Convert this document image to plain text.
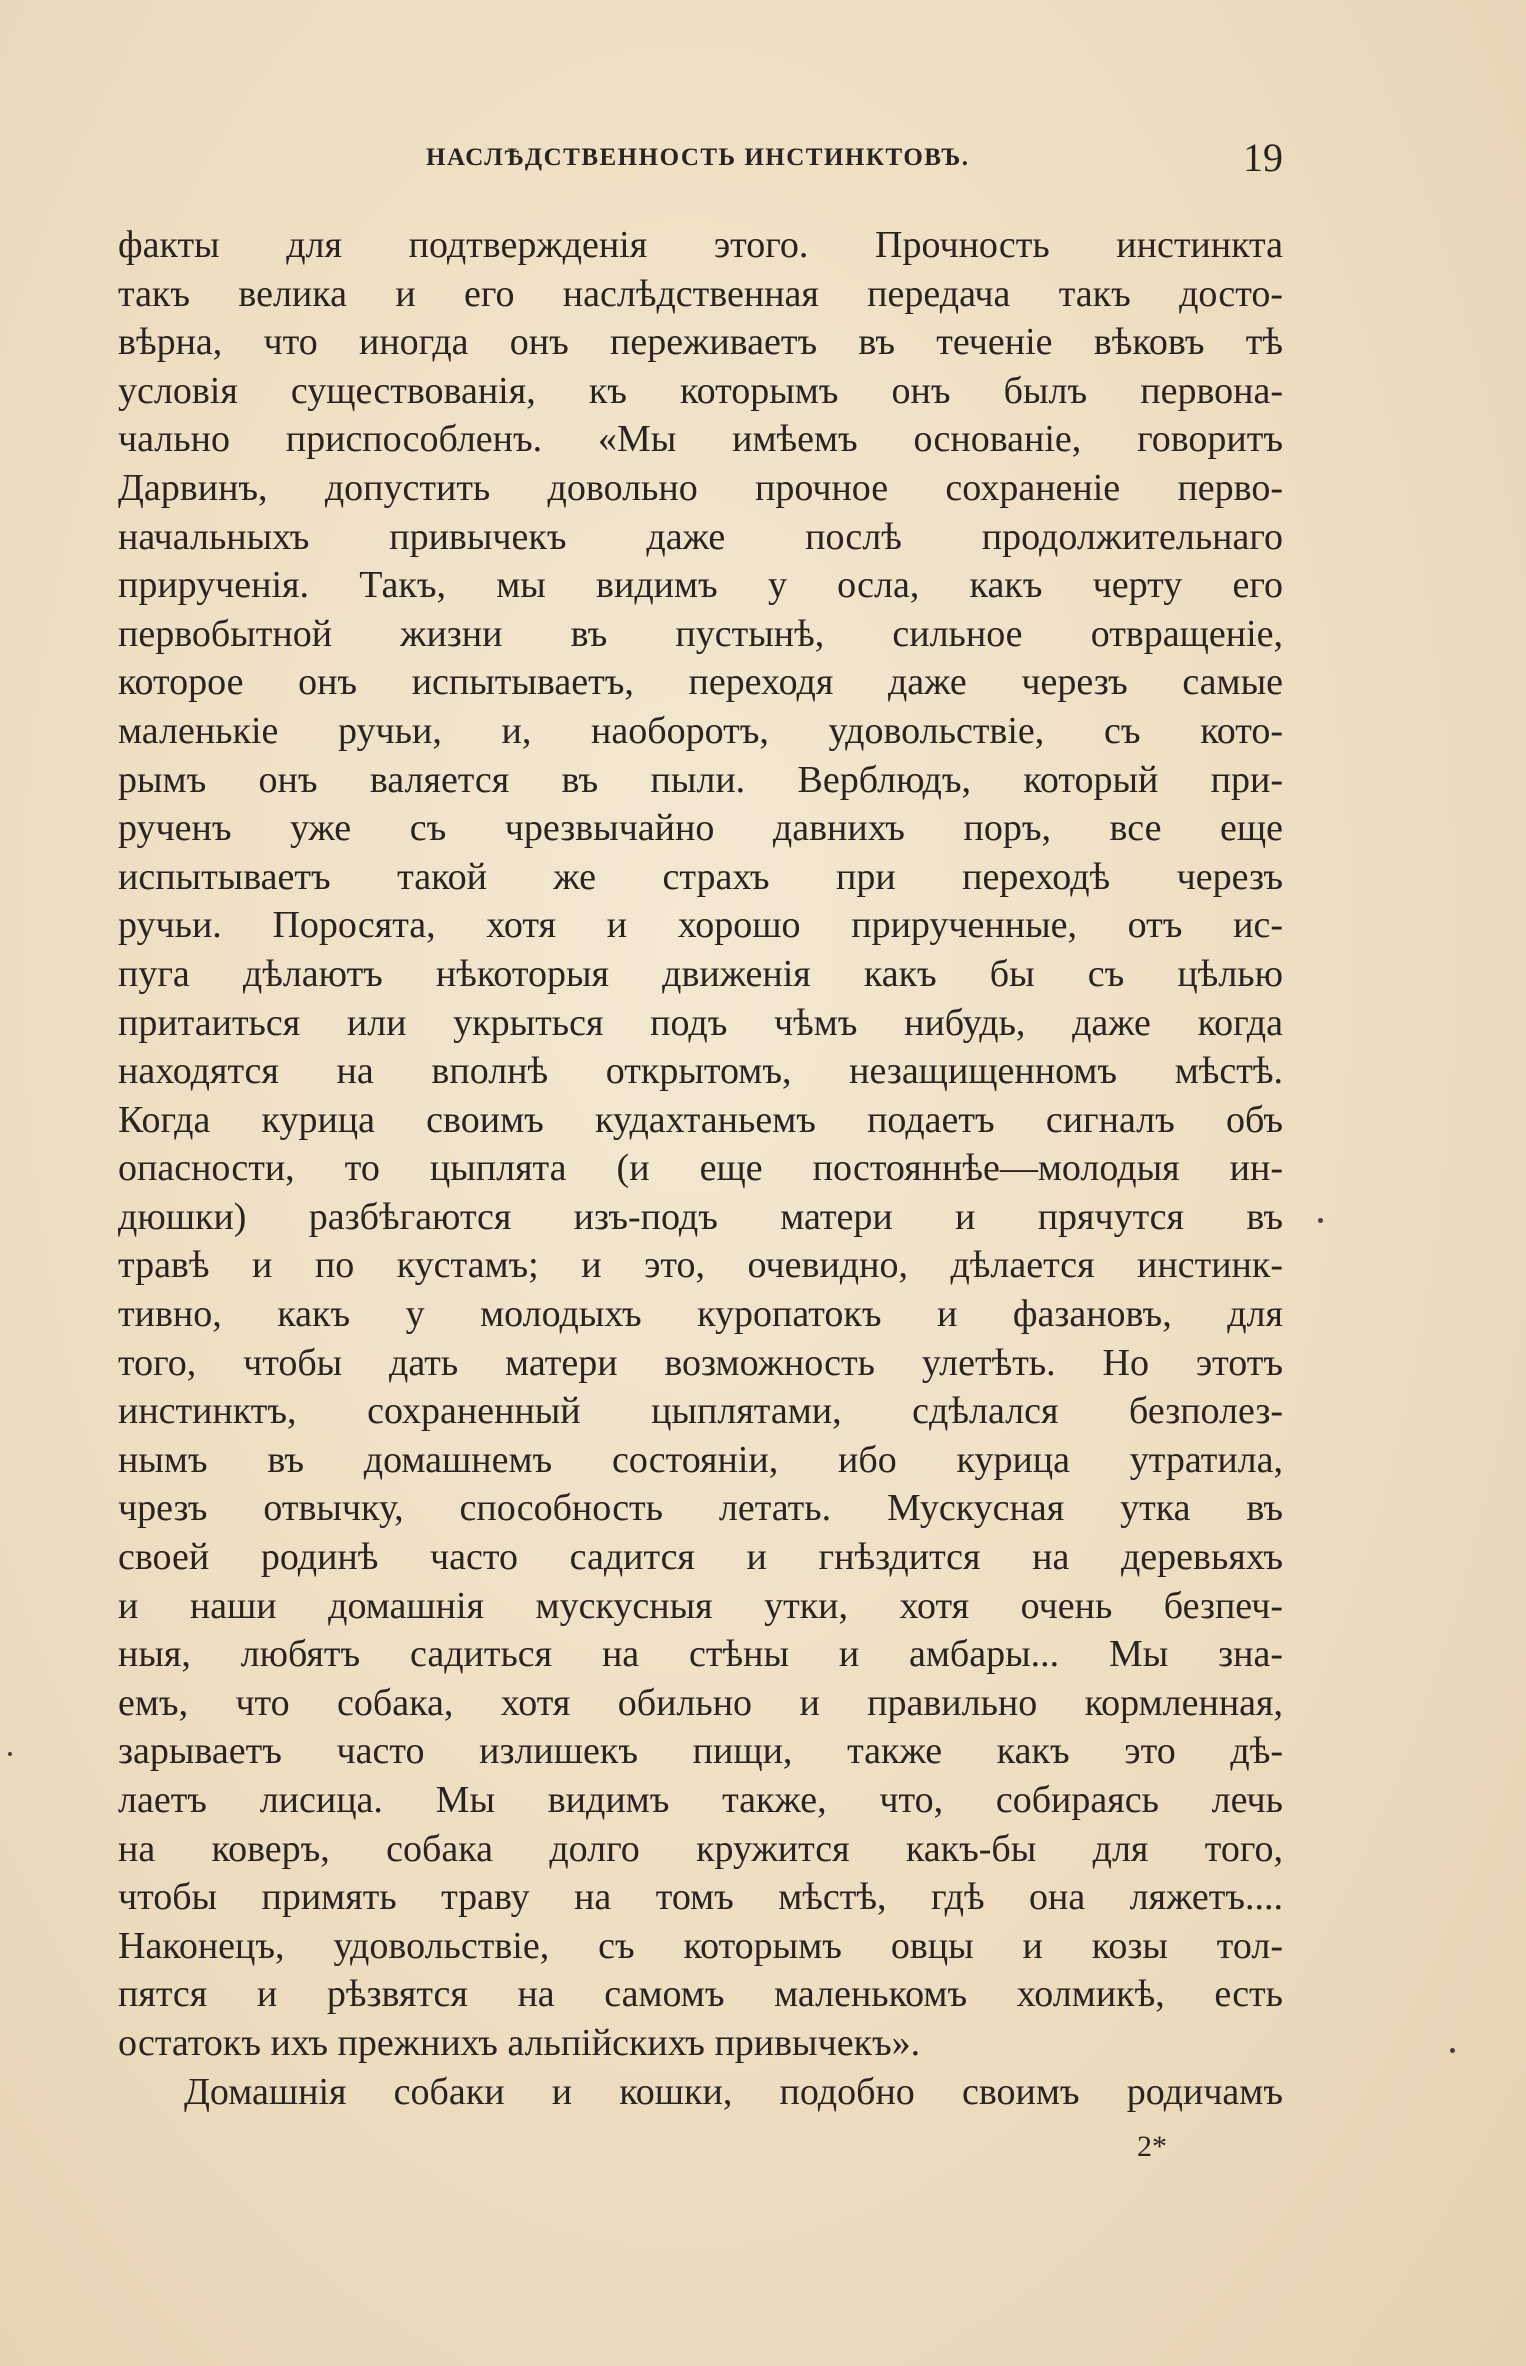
НАСЛѢДСТВЕННОСТЬ ИНСТИНКТОВЪ.	19
факты для подтвержденія этого. Прочность инстинкта
такъ велика и его наслѣдственная передача такъ досто-
вѣрна, что иногда онъ переживаетъ въ теченіе вѣковъ тѣ
условія существованія, къ которымъ онъ былъ первона-
чально приспособленъ. «Мы имѣемъ основаніе, говоритъ
Дарвинъ, допустить довольно прочное сохраненіе перво-
начальныхъ привычекъ даже послѣ продолжительнаго
прирученія. Такъ, мы видимъ у осла, какъ черту его
первобытной жизни въ пустынѣ, сильное отвращеніе,
которое онъ испытываетъ, переходя даже черезъ самые
маленькіе ручьи, и, наоборотъ, удовольствіе, съ кото-
рымъ онъ валяется въ пыли. Верблюдъ, который при-
рученъ уже съ чрезвычайно давнихъ поръ, все еще
испытываетъ такой же страхъ при переходѣ черезъ
ручьи. Поросята, хотя и хорошо прирученные, отъ ис-
пуга дѣлаютъ нѣкоторыя движенія какъ бы съ цѣлью
притаиться или укрыться подъ чѣмъ нибудь, даже когда
находятся на вполнѣ открытомъ, незащищенномъ мѣстѣ.
Когда курица своимъ кудахтаньемъ подаетъ сигналъ объ
опасности, то цыплята (и еще постояннѣе—молодыя ин-
дюшки) разбѣгаются изъ-подъ матери и прячутся въ
травѣ и по кустамъ; и это, очевидно, дѣлается инстинк-
тивно, какъ у молодыхъ куропатокъ и фазановъ, для
того, чтобы дать матери возможность улетѣть. Но этотъ
инстинктъ, сохраненный цыплятами, сдѣлался безполез-
нымъ въ домашнемъ состояніи, ибо курица утратила,
чрезъ отвычку, способность летать. Мускусная утка въ
своей родинѣ часто садится и гнѣздится на деревьяхъ
и наши домашнія мускусныя утки, хотя очень безпеч-
ныя, любятъ садиться на стѣны и амбары... Мы зна-
емъ, что собака, хотя обильно и правильно кормленная,
зарываетъ часто излишекъ пищи, также какъ это дѣ-
лаетъ лисица. Мы видимъ также, что, собираясь лечь
на коверъ, собака долго кружится какъ-бы для того,
чтобы примять траву на томъ мѣстѣ, гдѣ она ляжетъ....
Наконецъ, удовольствіе, съ которымъ овцы и козы тол-
пятся и рѣзвятся на самомъ маленькомъ холмикѣ, есть
остатокъ ихъ прежнихъ альпійскихъ привычекъ».
Домашнія собаки и кошки, подобно своимъ родичамъ
2*
